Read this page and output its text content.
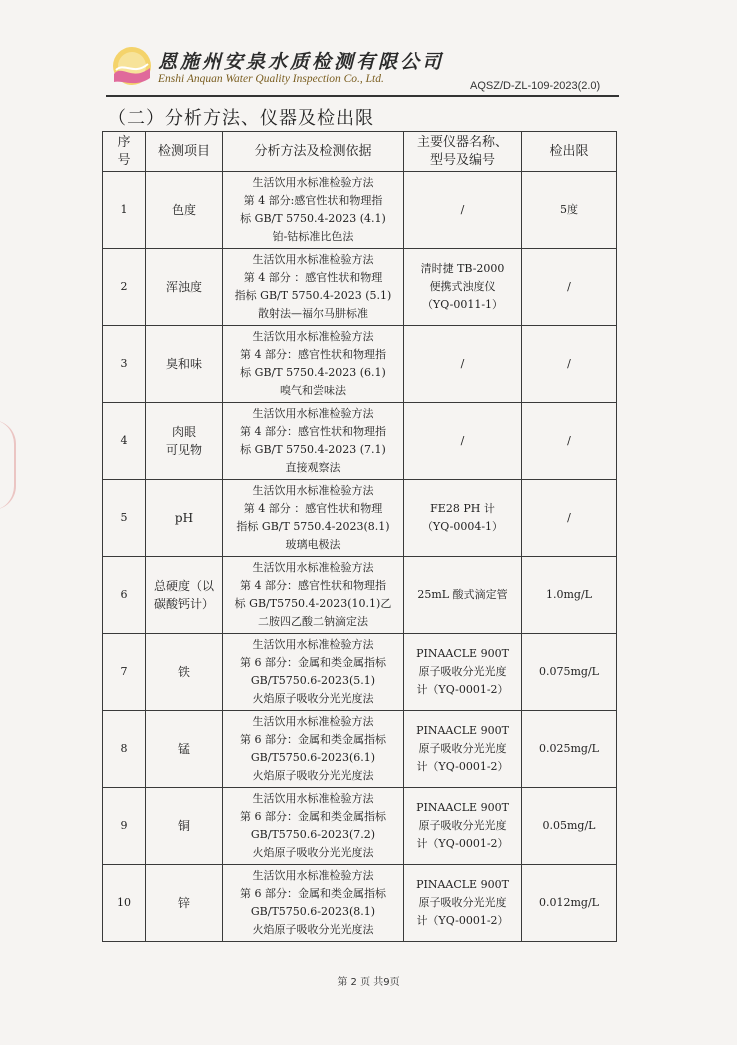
恩施州安泉水质检测有限公司
Enshi Anquan Water Quality Inspection Co., Ltd.
AQSZ/D-ZL-109-2023(2.0)
（二）分析方法、仪器及检出限
序
号	检测项目	分析方法及检测依据	主要仪器名称、
型号及编号	检出限
1	色度	生活饮用水标准检验方法
第 4 部分:感官性状和物理指
标 GB/T 5750.4-2023 (4.1)
铂-钴标准比色法	/	5度
2	浑浊度	生活饮用水标准检验方法
第 4 部分 ：感官性状和物理
指标 GB/T 5750.4-2023 (5.1)
散射法—福尔马肼标准	清时捷 TB-2000
便携式浊度仪
（YQ-0011-1）	/
3	臭和味	生活饮用水标准检验方法
第 4 部分：感官性状和物理指
标 GB/T 5750.4-2023 (6.1)
嗅气和尝味法	/	/
4	肉眼
可见物	生活饮用水标准检验方法
第 4 部分：感官性状和物理指
标 GB/T 5750.4-2023 (7.1)
直接观察法	/	/
5	pH	生活饮用水标准检验方法
第 4 部分 ：感官性状和物理
指标 GB/T 5750.4-2023(8.1)
玻璃电极法	FE28 PH 计
（YQ-0004-1）	/
6	总硬度（以
碳酸钙计）	生活饮用水标准检验方法
第 4 部分：感官性状和物理指
标 GB/T5750.4-2023(10.1)乙
二胺四乙酸二钠滴定法	25mL 酸式滴定管	1.0mg/L
7	铁	生活饮用水标准检验方法
第 6 部分：金属和类金属指标
GB/T5750.6-2023(5.1)
火焰原子吸收分光光度法	PINAACLE 900T
原子吸收分光光度
计（YQ-0001-2）	0.075mg/L
8	锰	生活饮用水标准检验方法
第 6 部分：金属和类金属指标
GB/T5750.6-2023(6.1)
火焰原子吸收分光光度法	PINAACLE 900T
原子吸收分光光度
计（YQ-0001-2）	0.025mg/L
9	铜	生活饮用水标准检验方法
第 6 部分：金属和类金属指标
GB/T5750.6-2023(7.2)
火焰原子吸收分光光度法	PINAACLE 900T
原子吸收分光光度
计（YQ-0001-2）	0.05mg/L
10	锌	生活饮用水标准检验方法
第 6 部分：金属和类金属指标
GB/T5750.6-2023(8.1)
火焰原子吸收分光光度法	PINAACLE 900T
原子吸收分光光度
计（YQ-0001-2）	0.012mg/L
第 2 页 共9页
